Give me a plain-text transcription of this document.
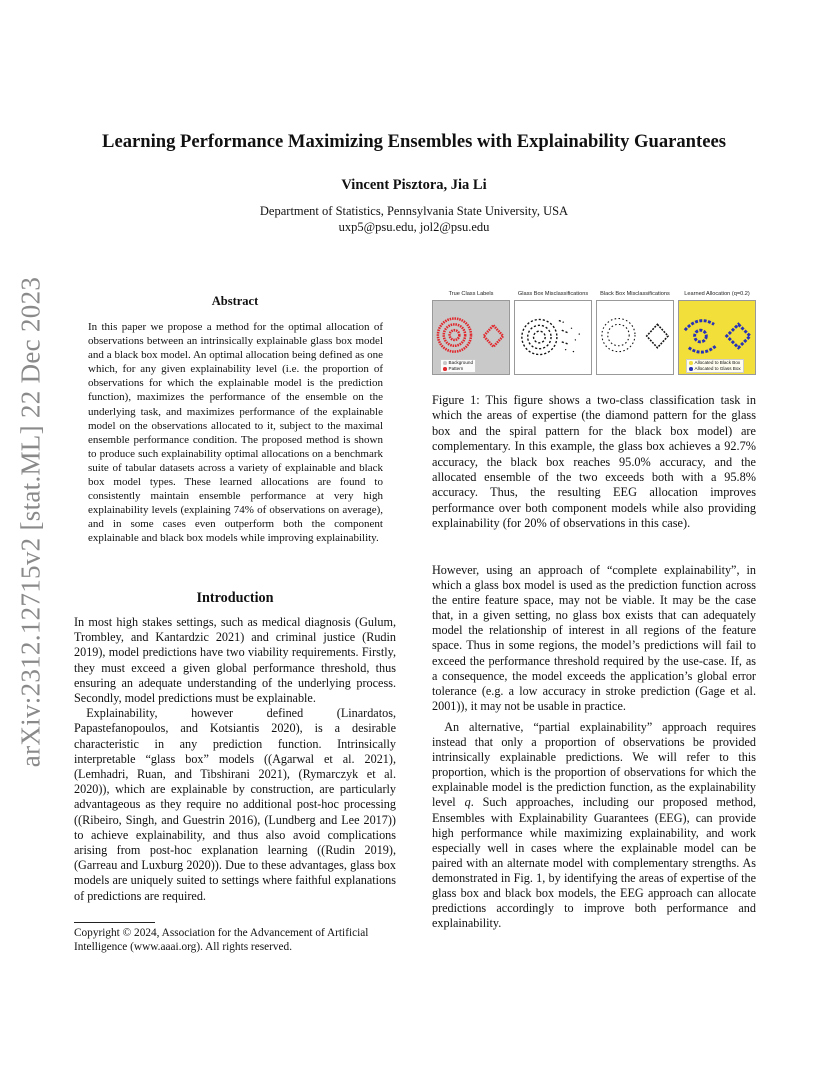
arXiv:2312.12715v2 [stat.ML] 22 Dec 2023
Learning Performance Maximizing Ensembles with Explainability Guarantees
Vincent Pisztora, Jia Li
Department of Statistics, Pennsylvania State University, USA
uxp5@psu.edu, jol2@psu.edu
Abstract

In this paper we propose a method for the optimal allocation of observations between an intrinsically explainable glass box model and a black box model. An optimal allocation being defined as one which, for any given explainability level (i.e. the proportion of observations for which the explainable model is the prediction function), maximizes the performance of the ensemble on the underlying task, and maximizes performance of the explainable model on the observations allocated to it, subject to the maximal ensemble performance condition. The proposed method is shown to produce such explainability optimal allocations on a benchmark suite of tabular datasets across a variety of explainable and black box model types. These learned allocations are found to consistently maintain ensemble performance at very high explainability levels (explaining 74% of observations on average), and in some cases even outperform both the component explainable and black box models while improving explainability.

Introduction

In most high stakes settings, such as medical diagnosis (Gulum, Trombley, and Kantardzic 2021) and criminal justice (Rudin 2019), model predictions have two viability requirements. Firstly, they must exceed a given global performance threshold, thus ensuring an adequate understanding of the underlying process. Secondly, model predictions must be explainable.

Explainability, however defined (Linardatos, Papastefanopoulos, and Kotsiantis 2020), is a desirable characteristic in any prediction function. Intrinsically interpretable “glass box” models ((Agarwal et al. 2021), (Lemhadri, Ruan, and Tibshirani 2021), (Rymarczyk et al. 2020)), which are explainable by construction, are particularly advantageous as they require no additional post-hoc processing ((Ribeiro, Singh, and Guestrin 2016), (Lundberg and Lee 2017)) to achieve explainability, and thus also avoid complications arising from post-hoc explanation learning ((Rudin 2019), (Garreau and Luxburg 2020)). Due to these advantages, glass box models are uniquely suited to settings where faithful explanations of predictions are required.

Copyright © 2024, Association for the Advancement of Artificial Intelligence (www.aaai.org). All rights reserved.
True Class Labels
Background
Pattern
Glass Box Misclassifications	Black Box Misclassifications	Learned Allocation (q=0.2)
Allocated to Black Box
Allocated to Glass Box

Figure 1: This figure shows a two-class classification task in which the areas of expertise (the diamond pattern for the glass box and the spiral pattern for the black box model) are complementary. In this example, the glass box achieves a 92.7% accuracy, the black box reaches 95.0% accuracy, and the allocated ensemble of the two exceeds both with a 95.8% accuracy. Thus, the resulting EEG allocation improves performance over both component models while also providing explainability (for 20% of observations in this case).

However, using an approach of “complete explainability”, in which a glass box model is used as the prediction function across the entire feature space, may not be viable. It may be the case that, in a given setting, no glass box exists that can adequately model the relationship of interest in all regions of the feature space. Thus in some regions, the model’s predictions will fail to exceed the performance threshold required by the use-case. If, as a consequence, the model exceeds the application’s global error tolerance (e.g. a low accuracy in stroke prediction (Gage et al. 2001)), it may not be usable in practice.

An alternative, “partial explainability” approach requires instead that only a proportion of observations be provided intrinsically explainable predictions. We will refer to this proportion, which is the proportion of observations for which the explainable model is the prediction function, as the explainability level q. Such approaches, including our proposed method, Ensembles with Explainability Guarantees (EEG), can provide high performance while maximizing explainability, and work especially well in cases where the explainable model can be paired with an alternate model with complementary strengths. As demonstrated in Fig. 1, by identifying the areas of expertise of the glass box and black box models, the EEG approach can allocate predictions accordingly to improve both performance and explainability.
